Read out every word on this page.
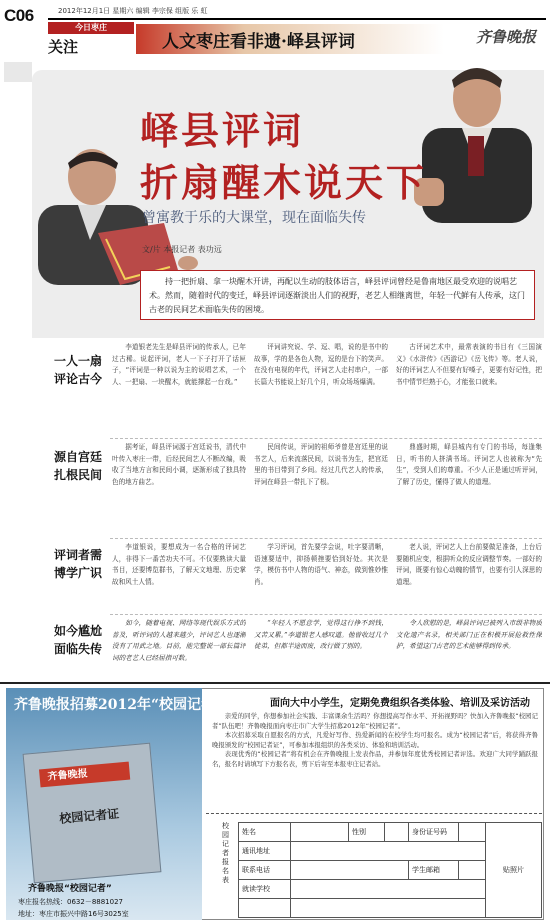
C06	2012年12月1日 星期六 编辑 李宗保 组版 乐 虹
今日枣庄
关注	人文枣庄看非遗·峄县评词	齐鲁晚报
峄县评词
折扇醒木说天下
曾寓教于乐的大课堂，现在面临失传
文/片 本报记者 表功远
持一把折扇、拿一块醒木开讲，再配以生动的肢体语言，峄县评词曾经是鲁南地区最受欢迎的说唱艺术。然而，随着时代的变迁，峄县评词逐渐淡出人们的视野，老艺人相继离世，年轻一代鲜有人传承，这门古老的民间艺术面临失传的困境。
一人一扇评论古今
李道银老先生是峄县评词的传承人，已年过古稀。说起评词，老人一下子打开了话匣子，“评词是一种以说为主的说唱艺术，一个人、一把扇、一块醒木，就能撑起一台戏。”
评词讲究说、学、逗、唱，说的是书中的故事，学的是各色人物，逗的是台下的笑声。在没有电视的年代，评词艺人走村串户，一部长篇大书能说上好几个月，听众场场爆满。
古评词艺术中，最常表演的书目有《三国演义》《水浒传》《西游记》《岳飞传》等。老人说，好的评词艺人不但要有好嗓子，更要有好记性，把书中情节烂熟于心，才能张口就来。
源自宫廷扎根民间
据考证，峄县评词源于宫廷说书，清代中叶传入枣庄一带，后经民间艺人不断改编，吸收了当地方言和民间小调，逐渐形成了独具特色的地方曲艺。
民间传说，评词的祖师爷曾是宫廷里的说书艺人，后来流落民间，以说书为生，把宫廷里的书目带到了乡间。经过几代艺人的传承，评词在峄县一带扎下了根。
鼎盛时期，峄县城内有专门的书场，每逢集日，听书的人挤满书场。评词艺人也被称为“先生”，受到人们的尊重。不少人正是通过听评词，了解了历史，懂得了做人的道理。
评词者需博学广识
李道银说，要想成为一名合格的评词艺人，非得下一番苦功夫不可。不仅要熟读大量书目，还要博览群书，了解天文地理、历史掌故和风土人情。
学习评词，首先要学会说，吐字要清晰，语速要适中，抑扬顿挫要恰到好处。其次是学，模仿书中人物的语气、神态，做到惟妙惟肖。
老人说，评词艺人上台前要做足准备，上台后要随机应变，根据听众的反应调整节奏。一部好的评词，既要有惊心动魄的情节，也要有引人深思的道理。
如今尴尬面临失传
如今，随着电视、网络等现代娱乐方式的普及，听评词的人越来越少，评词艺人也逐渐没有了用武之地。目前，能完整说一部长篇评词的老艺人已经屈指可数。
“年轻人不愿意学，觉得这行挣不到钱，又苦又累。”李道银老人感叹道。他曾收过几个徒弟，但都半途而废，改行做了别的。
令人欣慰的是，峄县评词已被列入市级非物质文化遗产名录，相关部门正在积极开展抢救性保护，希望这门古老的艺术能够得到传承。
齐鲁晚报招募2012年“校园记者”
齐鲁晚报
校园记者证
齐鲁晚报“校园记者”
枣庄报名热线：0632－8881027
地址：枣庄市振兴中路16号3025室
面向大中小学生，定期免费组织各类体验、培训及采访活动

亲爱的同学，你想参加社会实践、丰富课余生活吗？你想提高写作水平、开拓视野吗？快加入齐鲁晚报“校园记者”队伍吧！齐鲁晚报面向枣庄市广大学生招募2012年“校园记者”。

本次招募采取自愿报名的方式，凡爱好写作、热爱新闻的在校学生均可报名。成为“校园记者”后，将获得齐鲁晚报颁发的“校园记者证”，可参加本报组织的各类采访、体验和培训活动。

表现优秀的“校园记者”将有机会在齐鲁晚报上发表作品，并参加年度优秀校园记者评选。欢迎广大同学踊跃报名，报名时请填写下方报名表，剪下后寄至本报枣庄记者站。

校园记者报名表
姓名		性别		身份证号码		贴照片
通讯地址						
联系电话				学生邮箱		
就读学校						
